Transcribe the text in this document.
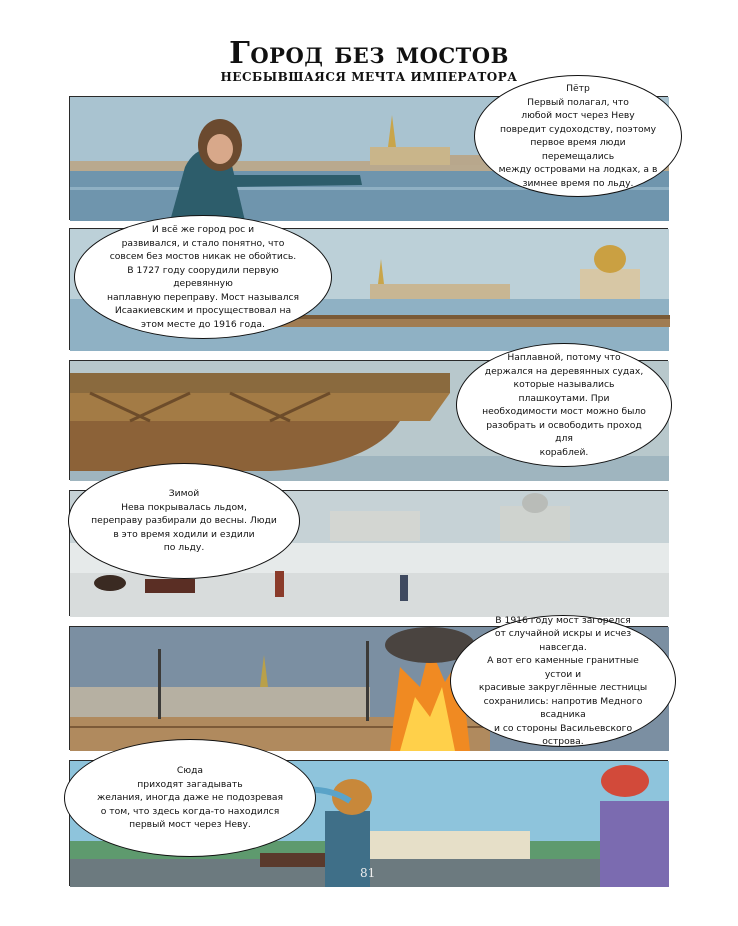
Город без мостов
НЕСБЫВШАЯСЯ МЕЧТА ИМПЕРАТОРА
Пётр
Первый полагал, что
любой мост через Неву
повредит судоходству, поэтому
первое время люди перемещались
между островами на лодках, а в
зимнее время по льду.
И всё же город рос и
развивался, и стало понятно, что
совсем без мостов никак не обойтись.
В 1727 году соорудили первую деревянную
наплавную переправу. Мост назывался
Исаакиевским и просуществовал на
этом месте до 1916 года.
Наплавной, потому что
держался на деревянных судах,
которые назывались плашкоутами. При
необходимости мост можно было
разобрать и освободить проход для
кораблей.
Зимой
Нева покрывалась льдом,
переправу разбирали до весны. Люди
в это время ходили и ездили
по льду.
В 1916 году мост загорелся
от случайной искры и исчез навсегда.
А вот его каменные гранитные устои и
красивые закруглённые лестницы
сохранились: напротив Медного всадника
и со стороны Васильевского
острова.
Сюда
приходят загадывать
желания, иногда даже не подозревая
о том, что здесь когда-то находился
первый мост через Неву.
81
